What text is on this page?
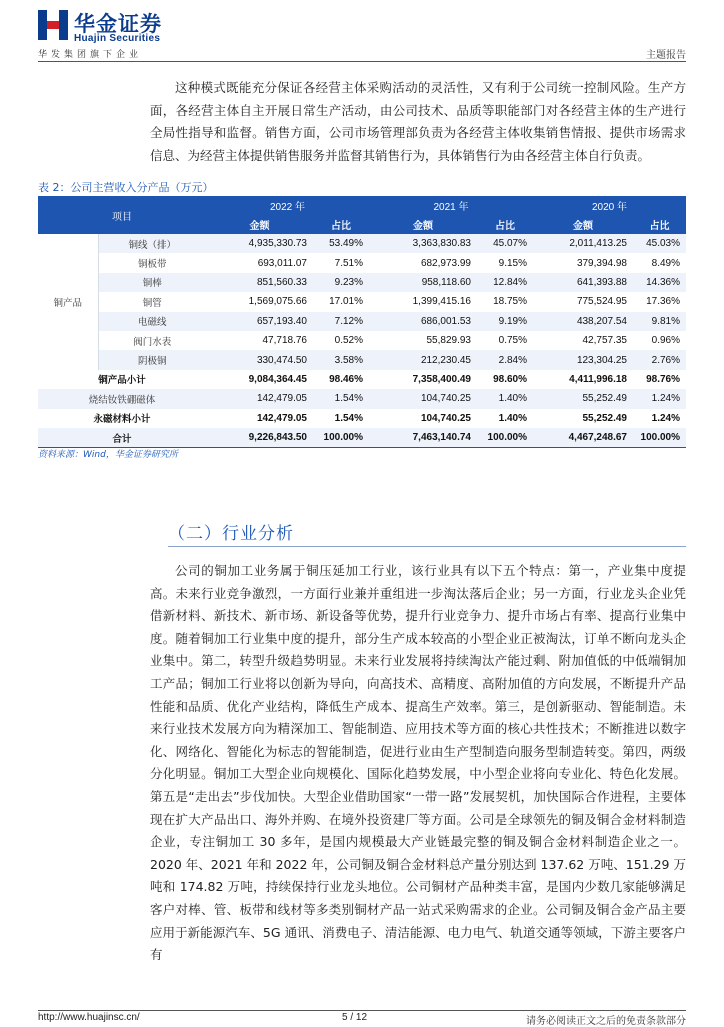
华金证券
Huajin Securities
华发集团旗下企业	主题报告

这种模式既能充分保证各经营主体采购活动的灵活性，又有利于公司统一控制风险。生产方面，各经营主体自主开展日常生产活动，由公司技术、品质等职能部门对各经营主体的生产进行全局性指导和监督。销售方面，公司市场管理部负责为各经营主体收集销售情报、提供市场需求信息、为经营主体提供销售服务并监督其销售行为，具体销售行为由各经营主体自行负责。

表 2：公司主营收入分产品（万元）
项目		2022 年		2021 年		2020 年	
		金额	占比	金额	占比	金额	占比
铜产品	铜线（排）	4,935,330.73	53.49%	3,363,830.83	45.07%	2,011,413.25	45.03%
	铜板带	693,011.07	7.51%	682,973.99	9.15%	379,394.98	8.49%
	铜棒	851,560.33	9.23%	958,118.60	12.84%	641,393.88	14.36%
	铜管	1,569,075.66	17.01%	1,399,415.16	18.75%	775,524.95	17.36%
	电磁线	657,193.40	7.12%	686,001.53	9.19%	438,207.54	9.81%
	阀门水表	47,718.76	0.52%	55,829.93	0.75%	42,757.35	0.96%
	阴极铜	330,474.50	3.58%	212,230.45	2.84%	123,304.25	2.76%
铜产品小计		9,084,364.45	98.46%	7,358,400.49	98.60%	4,411,996.18	98.76%
烧结钕铁硼磁体		142,479.05	1.54%	104,740.25	1.40%	55,252.49	1.24%
永磁材料小计		142,479.05	1.54%	104,740.25	1.40%	55,252.49	1.24%
合计		9,226,843.50	100.00%	7,463,140.74	100.00%	4,467,248.67	100.00%
资料来源：Wind，华金证券研究所
（二）行业分析

公司的铜加工业务属于铜压延加工行业，该行业具有以下五个特点：第一，产业集中度提高。未来行业竞争激烈，一方面行业兼并重组进一步淘汰落后企业；另一方面，行业龙头企业凭借新材料、新技术、新市场、新设备等优势，提升行业竞争力、提升市场占有率、提高行业集中度。随着铜加工行业集中度的提升，部分生产成本较高的小型企业正被淘汰，订单不断向龙头企业集中。第二，转型升级趋势明显。未来行业发展将持续淘汰产能过剩、附加值低的中低端铜加工产品；铜加工行业将以创新为导向，向高技术、高精度、高附加值的方向发展，不断提升产品性能和品质、优化产业结构，降低生产成本、提高生产效率。第三，是创新驱动、智能制造。未来行业技术发展方向为精深加工、智能制造、应用技术等方面的核心共性技术；不断推进以数字化、网络化、智能化为标志的智能制造，促进行业由生产型制造向服务型制造转变。第四，两级分化明显。铜加工大型企业向规模化、国际化趋势发展，中小型企业将向专业化、特色化发展。第五是“走出去”步伐加快。大型企业借助国家“一带一路”发展契机，加快国际合作进程，主要体现在扩大产品出口、海外并购、在境外投资建厂等方面。公司是全球领先的铜及铜合金材料制造企业，专注铜加工 30 多年，是国内规模最大产业链最完整的铜及铜合金材料制造企业之一。2020 年、2021 年和 2022 年，公司铜及铜合金材料总产量分别达到 137.62 万吨、151.29 万吨和 174.82 万吨，持续保持行业龙头地位。公司铜材产品种类丰富，是国内少数几家能够满足客户对棒、管、板带和线材等多类别铜材产品一站式采购需求的企业。公司铜及铜合金产品主要应用于新能源汽车、5G 通讯、消费电子、清洁能源、电力电气、轨道交通等领域，下游主要客户有

http://www.huajinsc.cn/	5 / 12	请务必阅读正文之后的免责条款部分
